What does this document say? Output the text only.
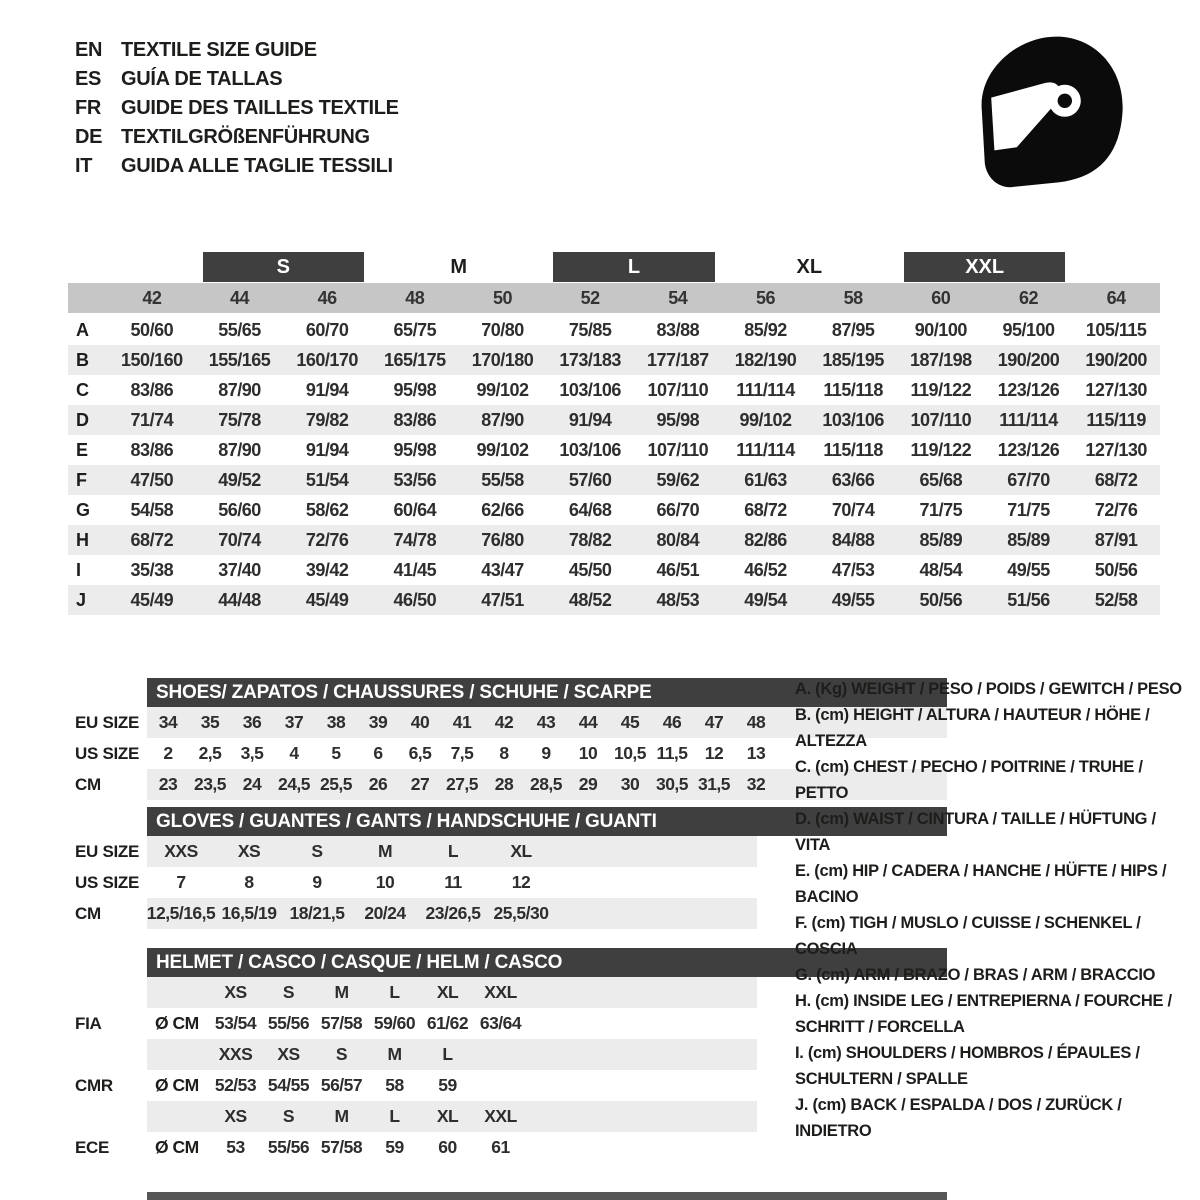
EN TEXTILE SIZE GUIDE
ES GUÍA DE TALLAS
FR GUIDE DES TAILLES TEXTILE
DE TEXTILGRÖßENFÜHRUNG
IT	GUIDA ALLE TAGLIE TESSILI
S	M	L	XL	XXL
42	44	46	48	50	52	54	56	58	60	62	64
A	50/60	55/65	60/70	65/75	70/80	75/85	83/88	85/92	87/95	90/100	95/100	105/115
B	150/160	155/165	160/170	165/175	170/180	173/183	177/187	182/190	185/195	187/198	190/200	190/200
C	83/86	87/90	91/94	95/98	99/102	103/106	107/110	111/114	115/118	119/122	123/126	127/130
D	71/74	75/78	79/82	83/86	87/90	91/94	95/98	99/102	103/106	107/110	111/114	115/119
E	83/86	87/90	91/94	95/98	99/102	103/106	107/110	111/114	115/118	119/122	123/126	127/130
F	47/50	49/52	51/54	53/56	55/58	57/60	59/62	61/63	63/66	65/68	67/70	68/72
G	54/58	56/60	58/62	60/64	62/66	64/68	66/70	68/72	70/74	71/75	71/75	72/76
H	68/72	70/74	72/76	74/78	76/80	78/82	80/84	82/86	84/88	85/89	85/89	87/91
I	35/38	37/40	39/42	41/45	43/47	45/50	46/51	46/52	47/53	48/54	49/55	50/56
J	45/49	44/48	45/49	46/50	47/51	48/52	48/53	49/54	49/55	50/56	51/56	52/58
SHOES/ ZAPATOS / CHAUSSURES / SCHUHE / SCARPE
EU SIZE	34	35	36	37	38	39	40	41	42	43	44	45	46	47	48
US SIZE	2	2,5	3,5	4	5	6	6,5	7,5	8	9	10 10,5 11,5 12	13
CM	23 23,5 24 24,5 25,5 26	27 27,5 28 28,5 29	30 30,5 31,5 32
GLOVES / GUANTES / GANTS / HANDSCHUHE / GUANTI
EU SIZE	XXS	XS	S	M	L	XL
US SIZE	7	8	9	10	11	12
CM	12,5/16,5 16,5/19 18/21,5	20/24	23/26,5 25,5/30
HELMET / CASCO / CASQUE / HELM / CASCO
XS	S	M	L	XL	XXL
FIA	Ø CM 53/54 55/56 57/58 59/60 61/62 63/64
XXS	XS	S	M	L
CMR	Ø CM 52/53 54/55 56/57	58	59
XS	S	M	L	XL	XXL
ECE	Ø CM	53	55/56 57/58	59	60	61
A. (Kg) WEIGHT / PESO / POIDS / GEWITCH / PESO
B. (cm) HEIGHT / ALTURA / HAUTEUR / HÖHE / ALTEZZA
C. (cm) CHEST / PECHO / POITRINE / TRUHE / PETTO
D. (cm) WAIST / CINTURA / TAILLE / HÜFTUNG / VITA
E. (cm) HIP / CADERA / HANCHE / HÜFTE / HIPS / BACINO
F. (cm) TIGH / MUSLO / CUISSE / SCHENKEL / COSCIA
G. (cm) ARM / BRAZO / BRAS / ARM / BRACCIO
H. (cm) INSIDE LEG / ENTREPIERNA / FOURCHE / SCHRITT / FORCELLA
I. (cm) SHOULDERS / HOMBROS / ÉPAULES / SCHULTERN / SPALLE
J. (cm) BACK / ESPALDA / DOS / ZURÜCK / INDIETRO
